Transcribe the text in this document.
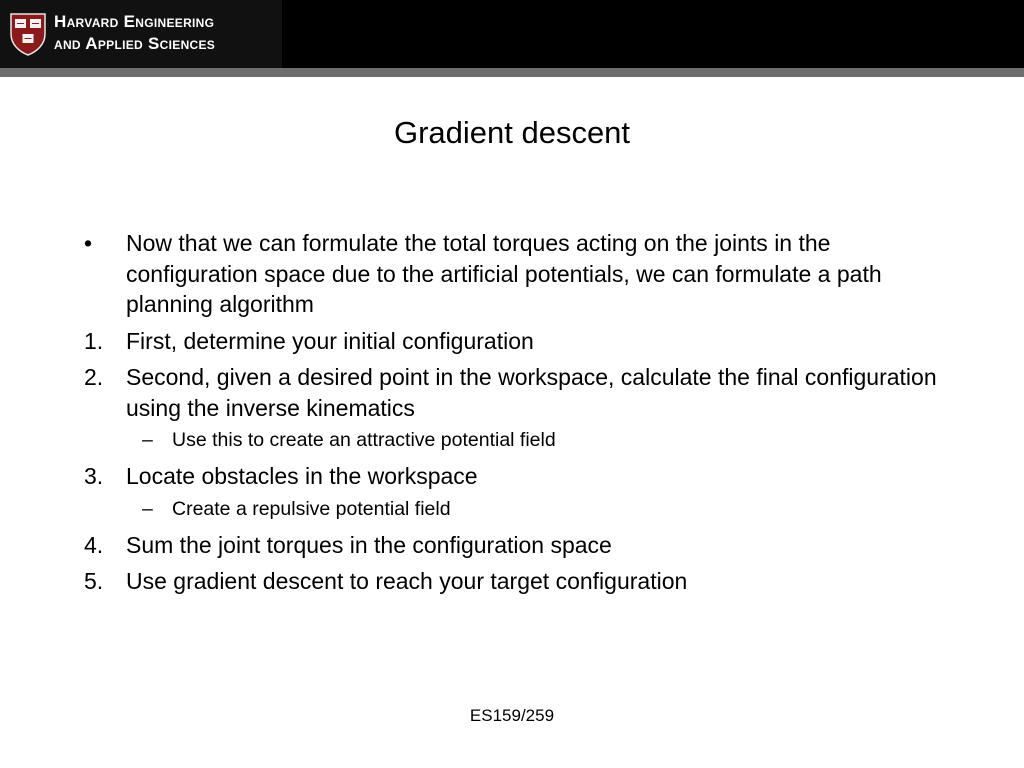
Harvard Engineering
and Applied Sciences
Gradient descent
•	Now that we can formulate the total torques acting on the joints in the configuration space due to the artificial potentials, we can formulate a path planning algorithm
1. First, determine your initial configuration
2. Second, given a desired point in the workspace, calculate the final configuration using the inverse kinematics
– Use this to create an attractive potential field
3. Locate obstacles in the workspace
– Create a repulsive potential field
4. Sum the joint torques in the configuration space
5. Use gradient descent to reach your target configuration
ES159/259
